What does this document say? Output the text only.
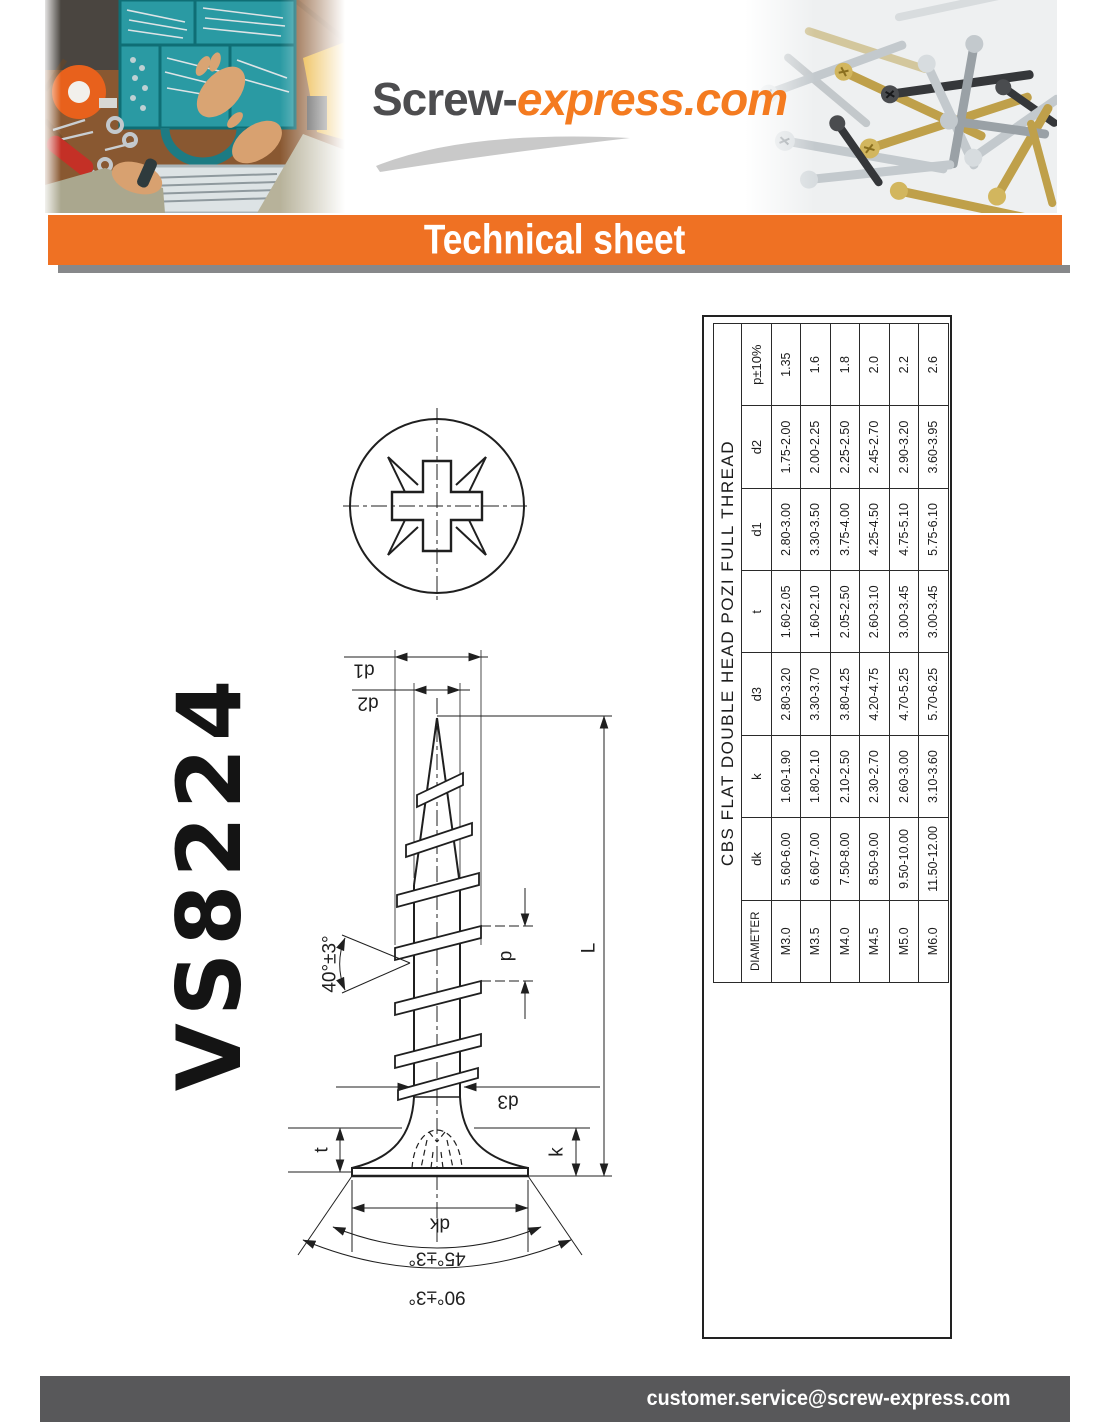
Screw-express.com
Technical sheet
VS8224
d1
d2
40°±3°	p
L
d3
t	k
dk
45°±3°
90°±3°
CBS FLAT DOUBLE HEAD POZI FULL THREAD							
DIAMETER	dk	k	d3	t	d1	d2	p±10%
M3.0	5.60-6.00	1.60-1.90	2.80-3.20	1.60-2.05	2.80-3.00	1.75-2.00	1.35
M3.5	6.60-7.00	1.80-2.10	3.30-3.70	1.60-2.10	3.30-3.50	2.00-2.25	1.6
M4.0	7.50-8.00	2.10-2.50	3.80-4.25	2.05-2.50	3.75-4.00	2.25-2.50	1.8
M4.5	8.50-9.00	2.30-2.70	4.20-4.75	2.60-3.10	4.25-4.50	2.45-2.70	2.0
M5.0	9.50-10.00	2.60-3.00	4.70-5.25	3.00-3.45	4.75-5.10	2.90-3.20	2.2
M6.0	11.50-12.00	3.10-3.60	5.70-6.25	3.00-3.45	5.75-6.10	3.60-3.95	2.6
customer.service@screw-express.com
